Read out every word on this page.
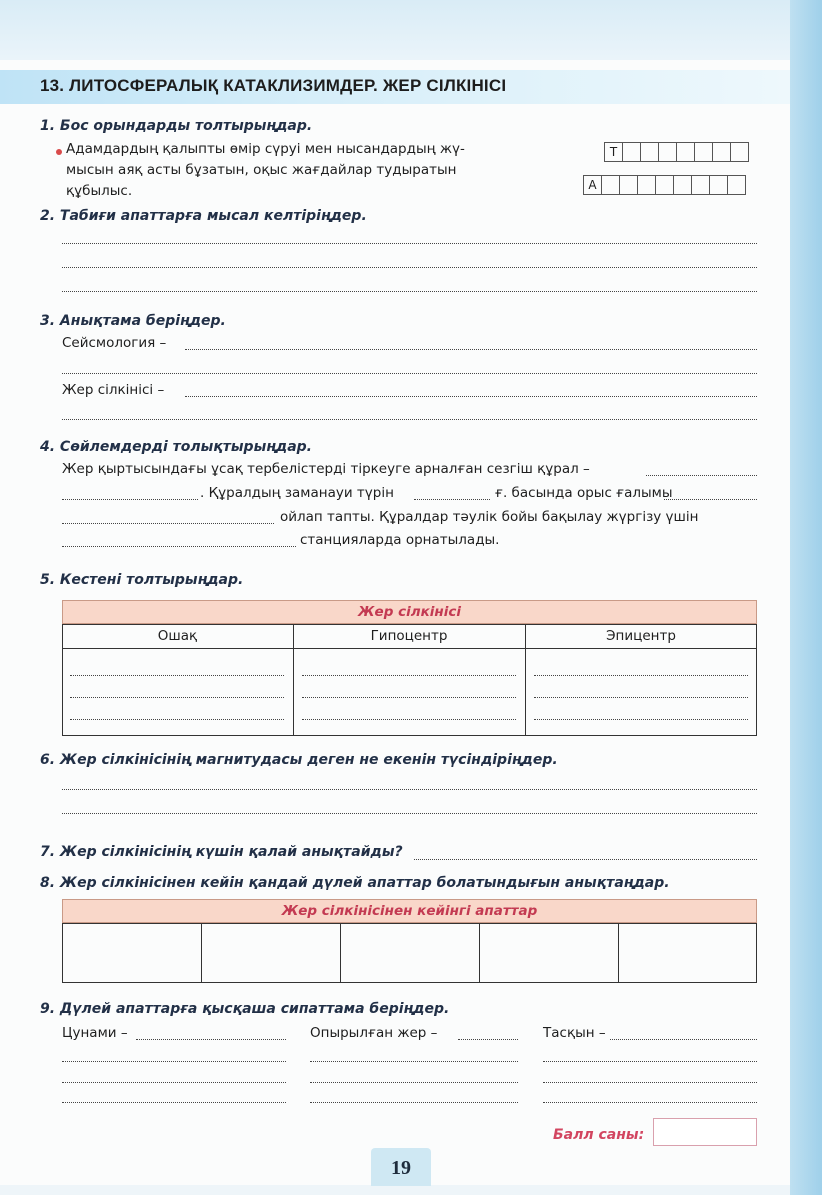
13. ЛИТОСФЕРАЛЫҚ КАТАКЛИЗИМДЕР. ЖЕР СІЛКІНІСІ
1. Бос орындарды толтырыңдар.
Адамдардың қалыпты өмір сүруі мен нысандардың жү-
мысын аяқ асты бұзатын, оқыс жағдайлар тудыратын
құбылыс.
Т							
А								
2. Табиғи апаттарға мысал келтіріңдер.
3. Анықтама беріңдер.
Сейсмология –
Жер сілкінісі –
4. Сөйлемдерді толықтырыңдар.
Жер қыртысындағы ұсақ тербелістерді тіркеуге арналған сезгіш құрал –
. Құралдың заманауи түрін	ғ. басында орыс ғалымы
ойлап тапты. Құралдар тәулік бойы бақылау жүргізу үшін
станцияларда орнатылады.
5. Кестені толтырыңдар.
Жер сілкінісі
Ошақ	Гипоцентр	Эпицентр
6. Жер сілкінісінің магнитудасы деген не екенін түсіндіріңдер.
7. Жер сілкінісінің күшін қалай анықтайды?
8. Жер сілкінісінен кейін қандай дүлей апаттар болатындығын анықтаңдар.
Жер сілкінісінен кейінгі апаттар
9. Дүлей апаттарға қысқаша сипаттама беріңдер.
Цунами –	Опырылған жер –	Тасқын –
Балл саны:
19
